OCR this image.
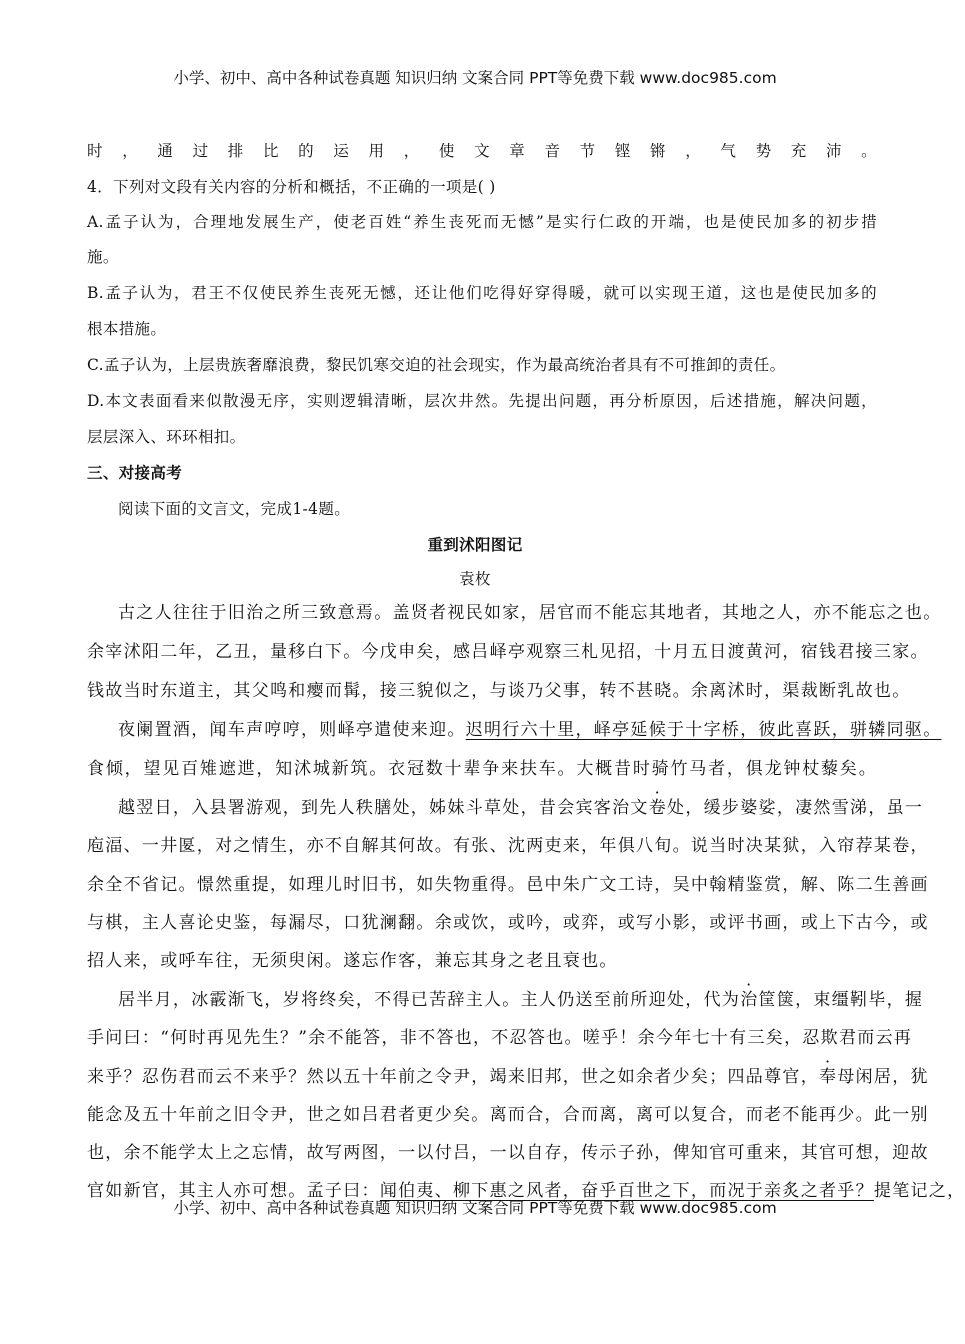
小学、初中、高中各种试卷真题 知识归纳 文案合同 PPT等免费下载 www.doc985.com
时，通过排比的运用，使文章音节铿锵，气势充沛。
4．下列对文段有关内容的分析和概括，不正确的一项是( )
A.孟子认为，合理地发展生产，使老百姓“养生丧死而无憾”是实行仁政的开端，也是使民加多的初步措
施。
B.孟子认为，君王不仅使民养生丧死无憾，还让他们吃得好穿得暖，就可以实现王道，这也是使民加多的
根本措施。
C.孟子认为，上层贵族奢靡浪费，黎民饥寒交迫的社会现实，作为最高统治者具有不可推卸的责任。
D.本文表面看来似散漫无序，实则逻辑清晰，层次井然。先提出问题，再分析原因，后述措施，解决问题，
层层深入、环环相扣。
三、对接高考
阅读下面的文言文，完成1-4题。
重到沭阳图记
袁枚
古之人往往于旧治之所三致意焉。盖贤者视民如家，居官而不能忘其地者，其地之人，亦不能忘之也。
余宰沭阳二年，乙丑，量移白下。今戊申矣，感吕峄亭观察三札见招，十月五日渡黄河，宿钱君接三家。
钱故当时东道主，其父鸣和瘿而髯，接三貌似之，与谈乃父事，转不甚晓。余离沭时，渠裁断乳故也。
夜阑置酒，闻车声哼哼，则峄亭遣使来迎。迟明行六十里，峄亭延候于十字桥，彼此喜跃，骈辚同驱。
食倾，望见百雉遮迣，知沭城新筑。衣冠数十辈争来扶车。大概昔时骑竹马者，俱龙钟杖藜矣。
越翌日，入县署游观，到先人秩膳处，姊妹斗草处，昔会宾客治文卷处，缓步婆娑，凄然雪涕，虽一
庖湢、一井匽，对之情生，亦不自解其何故。有张、沈两吏来，年俱八旬。说当时决某狱，入帘荐某卷，
余全不省记。憬然重提，如理儿时旧书，如失物重得。邑中朱广文工诗，吴中翰精鉴赏，解、陈二生善画
与棋，主人喜论史鉴，每漏尽，口犹澜翻。余或饮，或吟，或弈，或写小影，或评书画，或上下古今，或
招人来，或呼车往，无须臾闲。遂忘作客，兼忘其身之老且衰也。
居半月，冰霰渐飞，岁将终矣，不得已苦辞主人。主人仍送至前所迎处，代为治筐箧，束缰靷毕，握
手问曰：“何时再见先生？”余不能答，非不答也，不忍答也。嗟乎！余今年七十有三矣，忍欺君而云再
来乎？忍伤君而云不来乎？然以五十年前之令尹，竭来旧邦，世之如余者少矣；四品尊官，奉母闲居，犹
能念及五十年前之旧令尹，世之如吕君者更少矣。离而合，合而离，离可以复合，而老不能再少。此一别
也，余不能学太上之忘情，故写两图，一以付吕，一以自存，传示子孙，俾知官可重来，其官可想，迎故
官如新官，其主人亦可想。孟子曰：闻伯夷、柳下惠之风者，奋乎百世之下，而况于亲炙之者乎？提笔记之，
小学、初中、高中各种试卷真题 知识归纳 文案合同 PPT等免费下载 www.doc985.com
